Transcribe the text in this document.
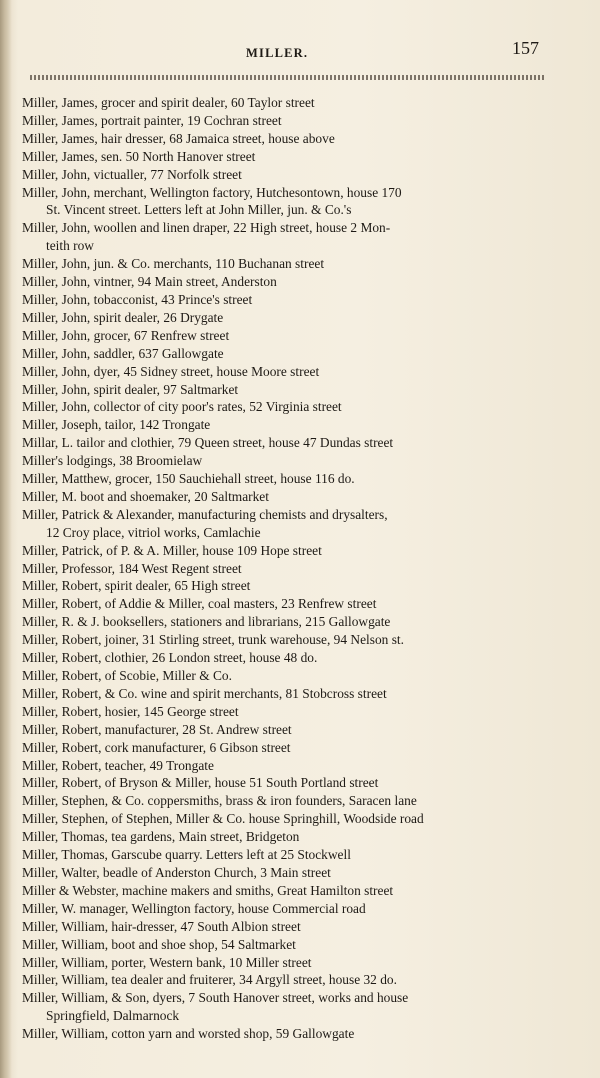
MILLER.	157
Miller, James, grocer and spirit dealer, 60 Taylor street
Miller, James, portrait painter, 19 Cochran street
Miller, James, hair dresser, 68 Jamaica street, house above
Miller, James, sen. 50 North Hanover street
Miller, John, victualler, 77 Norfolk street
Miller, John, merchant, Wellington factory, Hutchesontown, house 170
St. Vincent street. Letters left at John Miller, jun. & Co.'s
Miller, John, woollen and linen draper, 22 High street, house 2 Mon-
teith row
Miller, John, jun. & Co. merchants, 110 Buchanan street
Miller, John, vintner, 94 Main street, Anderston
Miller, John, tobacconist, 43 Prince's street
Miller, John, spirit dealer, 26 Drygate
Miller, John, grocer, 67 Renfrew street
Miller, John, saddler, 637 Gallowgate
Miller, John, dyer, 45 Sidney street, house Moore street
Miller, John, spirit dealer, 97 Saltmarket
Miller, John, collector of city poor's rates, 52 Virginia street
Miller, Joseph, tailor, 142 Trongate
Millar, L. tailor and clothier, 79 Queen street, house 47 Dundas street
Miller's lodgings, 38 Broomielaw
Miller, Matthew, grocer, 150 Sauchiehall street, house 116 do.
Miller, M. boot and shoemaker, 20 Saltmarket
Miller, Patrick & Alexander, manufacturing chemists and drysalters,
12 Croy place, vitriol works, Camlachie
Miller, Patrick, of P. & A. Miller, house 109 Hope street
Miller, Professor, 184 West Regent street
Miller, Robert, spirit dealer, 65 High street
Miller, Robert, of Addie & Miller, coal masters, 23 Renfrew street
Miller, R. & J. booksellers, stationers and librarians, 215 Gallowgate
Miller, Robert, joiner, 31 Stirling street, trunk warehouse, 94 Nelson st.
Miller, Robert, clothier, 26 London street, house 48 do.
Miller, Robert, of Scobie, Miller & Co.
Miller, Robert, & Co. wine and spirit merchants, 81 Stobcross street
Miller, Robert, hosier, 145 George street
Miller, Robert, manufacturer, 28 St. Andrew street
Miller, Robert, cork manufacturer, 6 Gibson street
Miller, Robert, teacher, 49 Trongate
Miller, Robert, of Bryson & Miller, house 51 South Portland street
Miller, Stephen, & Co. coppersmiths, brass & iron founders, Saracen lane
Miller, Stephen, of Stephen, Miller & Co. house Springhill, Woodside road
Miller, Thomas, tea gardens, Main street, Bridgeton
Miller, Thomas, Garscube quarry. Letters left at 25 Stockwell
Miller, Walter, beadle of Anderston Church, 3 Main street
Miller & Webster, machine makers and smiths, Great Hamilton street
Miller, W. manager, Wellington factory, house Commercial road
Miller, William, hair-dresser, 47 South Albion street
Miller, William, boot and shoe shop, 54 Saltmarket
Miller, William, porter, Western bank, 10 Miller street
Miller, William, tea dealer and fruiterer, 34 Argyll street, house 32 do.
Miller, William, & Son, dyers, 7 South Hanover street, works and house
Springfield, Dalmarnock
Miller, William, cotton yarn and worsted shop, 59 Gallowgate
